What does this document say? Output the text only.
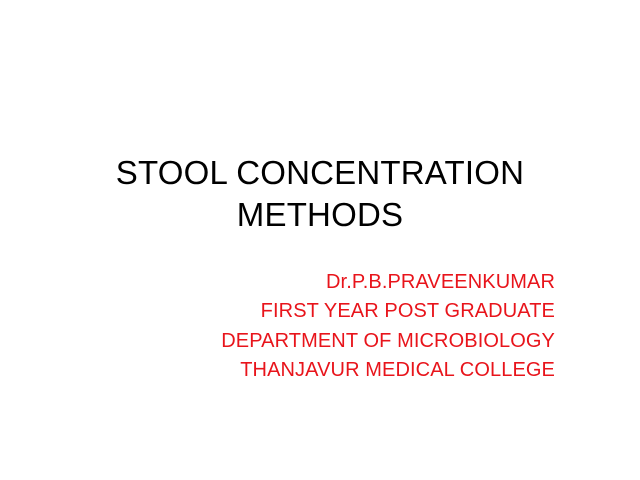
STOOL CONCENTRATION
METHODS
Dr.P.B.PRAVEENKUMAR
FIRST YEAR POST GRADUATE
DEPARTMENT OF MICROBIOLOGY
THANJAVUR MEDICAL COLLEGE
